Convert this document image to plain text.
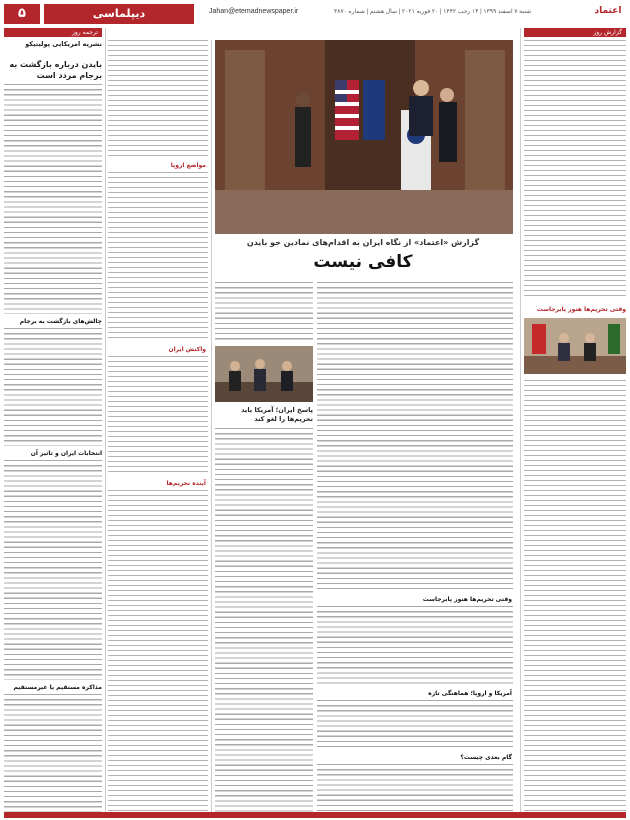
۵	دیپلماسی	Jahan@etemadnewspaper.ir	شنبه ۷ اسفند ۱۳۹۹ | ۱۴ رجب ۱۴۴۲ | ۲۰ فوریه ۲۰۲۱ | سال هشتم | شماره ۴۸۷۰	اعتماد
ترجمه روز	گزارش روز
نشریه امریکایی پولیتیکو
بایدن درباره بازگشت به برجام مردد است
چالش‌های بازگشت به برجام
انتخابات ایران و تاثیر آن
مذاکره مستقیم یا غیرمستقیم
مواضع اروپا
واکنش ایران
آینده تحریم‌ها
گزارش «اعتماد» از نگاه ایران به اقدام‌های نمادین جو بایدن
کافی نیست
پاسخ ایران؛ آمریکا باید تحریم‌ها را لغو کند
وقتی تحریم‌ها هنوز پابرجاست
آمریکا و اروپا؛ هماهنگی تازه
گام بعدی چیست؟
وقتی تحریم‌ها هنوز پابرجاست
